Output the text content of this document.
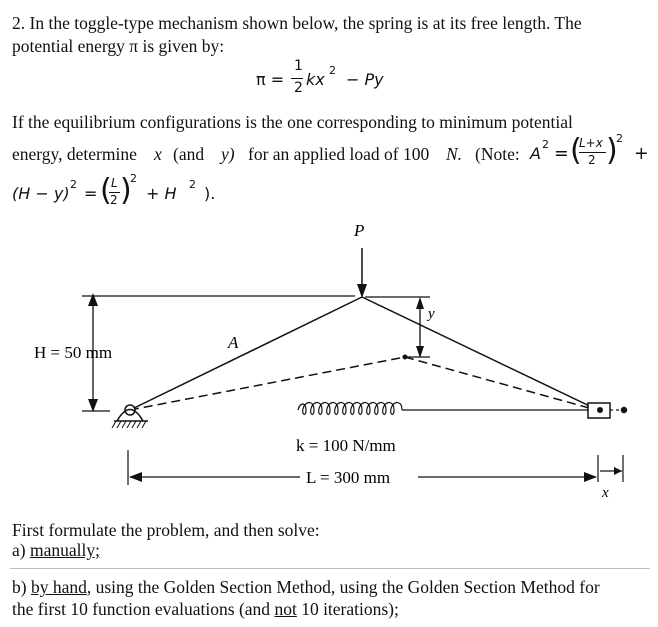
2. In the toggle-type mechanism shown below, the spring is at its free length. The
potential energy π is given by:
π =
1
2 kx 2 − Py
If the equilibrium configurations is the one corresponding to minimum potential
energy, determine x (and y) for an applied load of 100 N. (Note: A 2 = (
L+x
2 )
2
+
(H − y) 2 = ( L
2 )
2
+ H 2 ).
H = 50 mm
P
A
y
k = 100 N/mm
L = 300 mm
x
First formulate the problem, and then solve:
a) manually;
b) by hand, using the Golden Section Method, using the Golden Section Method for
the first 10 function evaluations (and not 10 iterations);
